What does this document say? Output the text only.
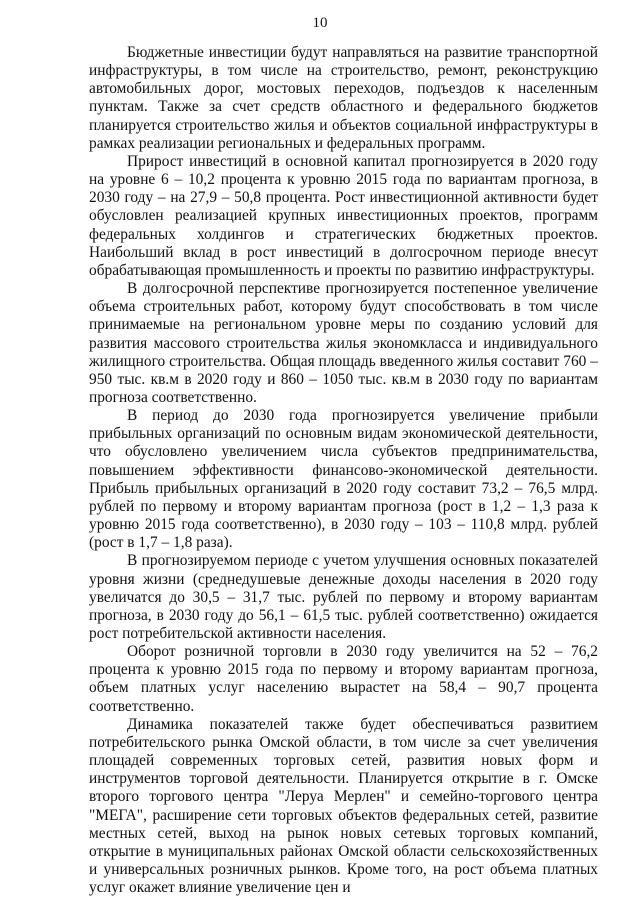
10

Бюджетные инвестиции будут направляться на развитие транспортной инфраструктуры, в том числе на строительство, ремонт, реконструкцию автомобильных дорог, мостовых переходов, подъездов к населенным пунктам. Также за счет средств областного и федерального бюджетов планируется строительство жилья и объектов социальной инфраструктуры в рамках реализации региональных и федеральных программ.

Прирост инвестиций в основной капитал прогнозируется в 2020 году на уровне 6 – 10,2 процента к уровню 2015 года по вариантам прогноза, в 2030 году – на 27,9 – 50,8 процента. Рост инвестиционной активности будет обусловлен реализацией крупных инвестиционных проектов, программ федеральных холдингов и стратегических бюджетных проектов. Наибольший вклад в рост инвестиций в долгосрочном периоде внесут обрабатывающая промышленность и проекты по развитию инфраструктуры.

В долгосрочной перспективе прогнозируется постепенное увеличение объема строительных работ, которому будут способствовать в том числе принимаемые на региональном уровне меры по созданию условий для развития массового строительства жилья экономкласса и индивидуального жилищного строительства. Общая площадь введенного жилья составит 760 – 950 тыс. кв.м в 2020 году и 860 – 1050 тыс. кв.м в 2030 году по вариантам прогноза соответственно.

В период до 2030 года прогнозируется увеличение прибыли прибыльных организаций по основным видам экономической деятельности, что обусловлено увеличением числа субъектов предпринимательства, повышением эффективности финансово-экономической деятельности. Прибыль прибыльных организаций в 2020 году составит 73,2 – 76,5 млрд. рублей по первому и второму вариантам прогноза (рост в 1,2 – 1,3 раза к уровню 2015 года соответственно), в 2030 году – 103 – 110,8 млрд. рублей (рост в 1,7 – 1,8 раза).

В прогнозируемом периоде с учетом улучшения основных показателей уровня жизни (среднедушевые денежные доходы населения в 2020 году увеличатся до 30,5 – 31,7 тыс. рублей по первому и второму вариантам прогноза, в 2030 году до 56,1 – 61,5 тыс. рублей соответственно) ожидается рост потребительской активности населения.

Оборот розничной торговли в 2030 году увеличится на 52 – 76,2 процента к уровню 2015 года по первому и второму вариантам прогноза, объем платных услуг населению вырастет на 58,4 – 90,7 процента соответственно.

Динамика показателей также будет обеспечиваться развитием потребительского рынка Омской области, в том числе за счет увеличения площадей современных торговых сетей, развития новых форм и инструментов торговой деятельности. Планируется открытие в г. Омске второго торгового центра "Леруа Мерлен" и семейно-торгового центра "МЕГА", расширение сети торговых объектов федеральных сетей, развитие местных сетей, выход на рынок новых сетевых торговых компаний, открытие в муниципальных районах Омской области сельскохозяйственных и универсальных розничных рынков. Кроме того, на рост объема платных услуг окажет влияние увеличение цен и
